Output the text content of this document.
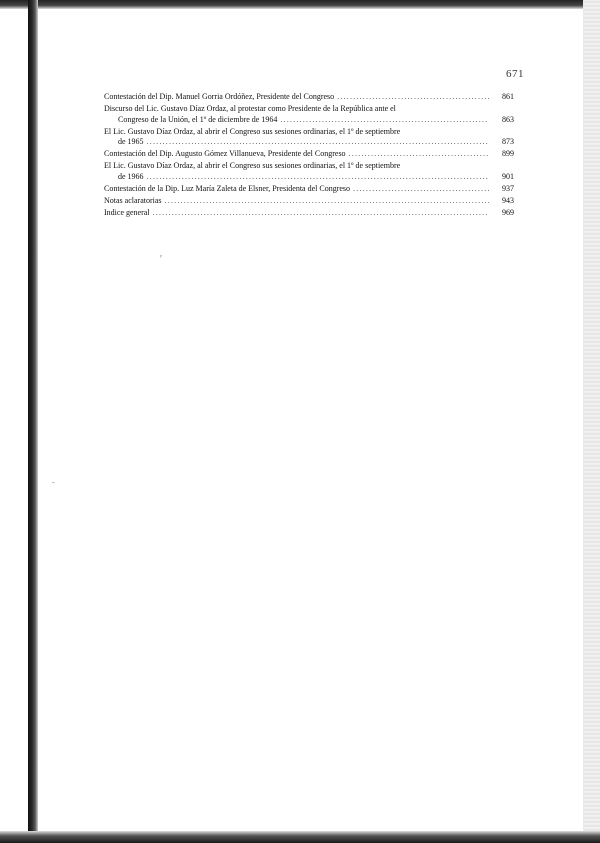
671
Contestación del Dip. Manuel Gorria Ordóñez, Presidente del Congreso .....	861
Discurso del Lic. Gustavo Díaz Ordaz, al protestar como Presidente de la República ante el
Congreso de la Unión, el 1º de diciembre de 1964 .....	863
El Lic. Gustavo Díaz Ordaz, al abrir el Congreso sus sesiones ordinarias, el 1º de septiembre
de 1965 .....	873
Contestación del Dip. Augusto Gómez Villanueva, Presidente del Congreso .....	899
El Lic. Gustavo Díaz Ordaz, al abrir el Congreso sus sesiones ordinarias, el 1º de septiembre
de 1966 .....	901
Contestación de la Dip. Luz María Zaleta de Elsner, Presidenta del Congreso .....	937
Notas aclaratorias .....	943
Indice general .....	969
′
-
